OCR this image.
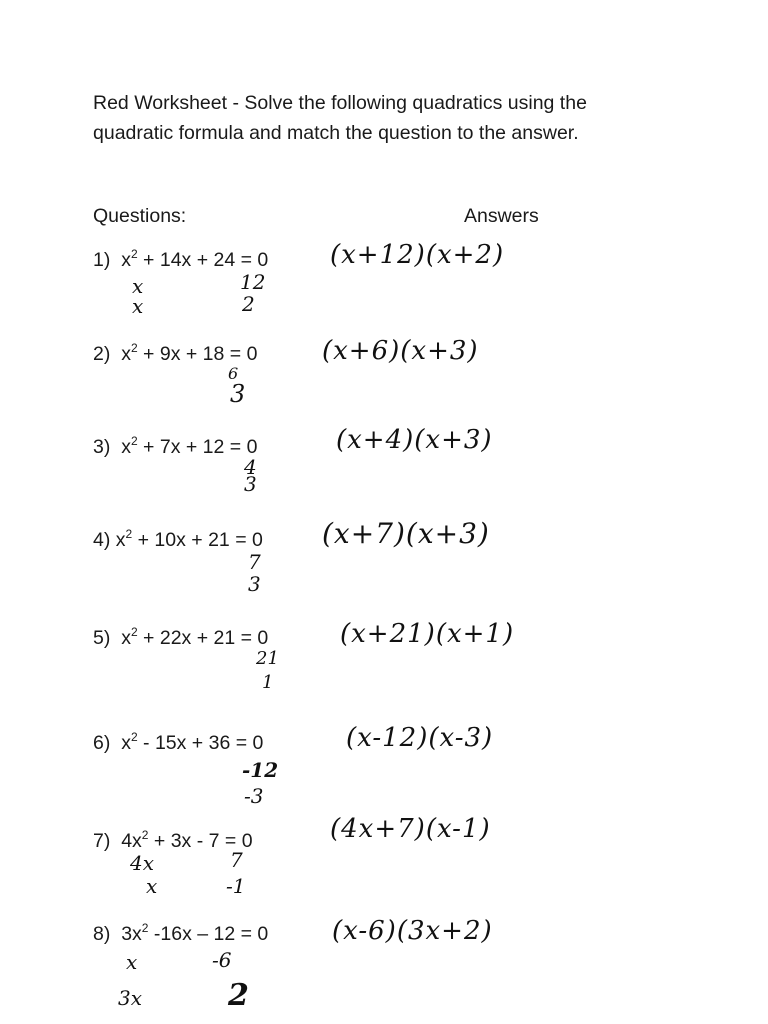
Red Worksheet - Solve the following quadratics using the
quadratic formula and match the question to the answer.
Questions:	Answers
1) $x^2 + 14x + 24 = 0$ (x+12)(x+2)
x	12
x	2
2) $x^2 + 9x + 18 = 0$ (x+6)(x+3)
6
3
3) $x^2 + 7x + 12 = 0$	(x+4)(x+3)
4
3
4) $x^2 + 10x + 21 = 0$ (x+7)(x+3)
7
3
5) $x^2 + 22x + 21 = 0$	(x+21)(x+1)
21
1
6) $x^2 - 15x + 36 = 0$	(x-12)(x-3)
-12
-3
7) $4x^2 + 3x - 7 = 0$	(4x+7)(x-1)
4x	7
x	-1
8) $3x^2$ -16x – 12 = 0 (x-6)(3x+2)
x	-6
3x	2
